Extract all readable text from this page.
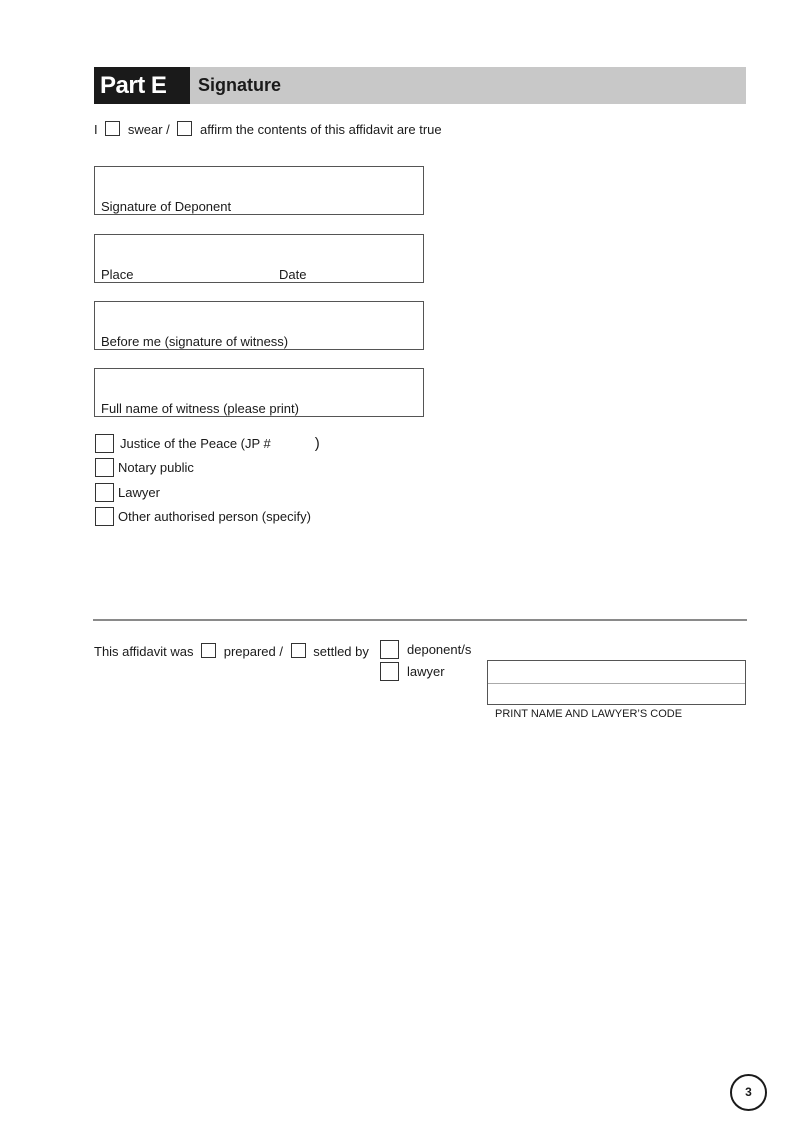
Part E	Signature
I swear / affirm the contents of this affidavit are true
Signature of Deponent
Place	Date
Before me (signature of witness)
Full name of witness (please print)
Justice of the Peace (JP #	)
Notary public
Lawyer
Other authorised person (specify)
This affidavit was prepared / settled by	deponent/s
lawyer
PRINT NAME AND LAWYER’S CODE
3
